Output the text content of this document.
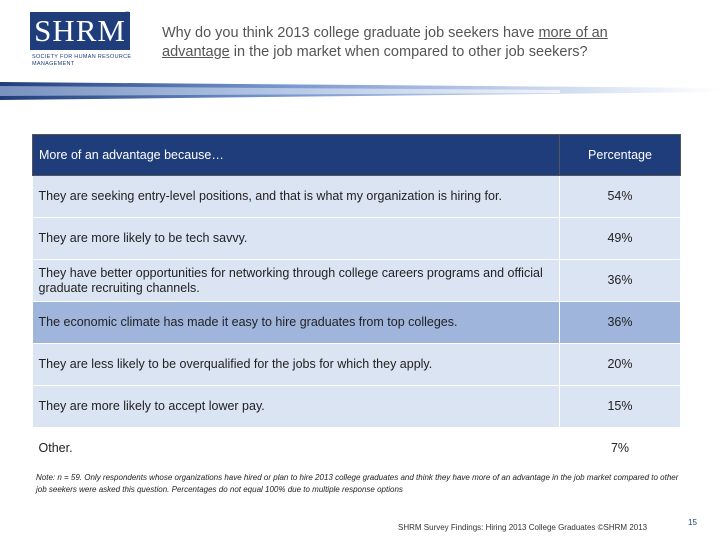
SHRM ®
SOCIETY FOR HUMAN RESOURCE MANAGEMENT
Why do you think 2013 college graduate job seekers have more of an advantage in the job market when compared to other job seekers?
More of an advantage because…	Percentage
They are seeking entry-level positions, and that is what my organization is hiring for.	54%
They are more likely to be tech savvy.	49%
They have better opportunities for networking through college careers programs and official graduate recruiting channels.	36%
The economic climate has made it easy to hire graduates from top colleges.	36%
They are less likely to be overqualified for the jobs for which they apply.	20%
They are more likely to accept lower pay.	15%
Other.	7%
Note: n = 59. Only respondents whose organizations have hired or plan to hire 2013 college graduates and think they have more of an advantage in the job market compared to other job seekers were asked this question. Percentages do not equal 100% due to multiple response options
SHRM Survey Findings: Hiring 2013 College Graduates ©SHRM 2013
15
